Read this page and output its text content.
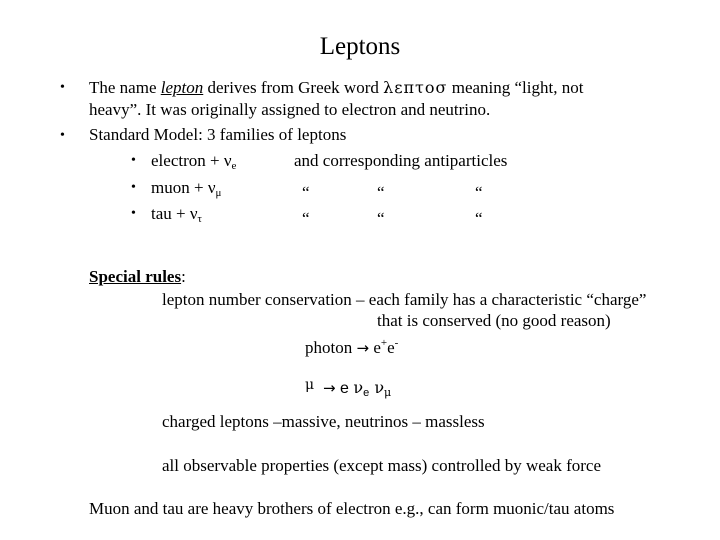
Leptons
• The name lepton derives from Greek word λεπτοσ meaning “light, not
heavy”. It was originally assigned to electron and neutrino.
• Standard Model: 3 families of leptons
• electron + $\nu_e$	and corresponding antiparticles
• muon + $\nu_\mu$	“	“	“
• tau + $\nu_\tau$	“	“	“
Special rules:
lepton number conservation – each family has a characteristic “charge”
that is conserved (no good reason)
photon → e+e-
μ → e $\nu_e$ $\nu_\mu$
charged leptons –massive, neutrinos – massless
all observable properties (except mass) controlled by weak force
Muon and tau are heavy brothers of electron e.g., can form muonic/tau atoms
